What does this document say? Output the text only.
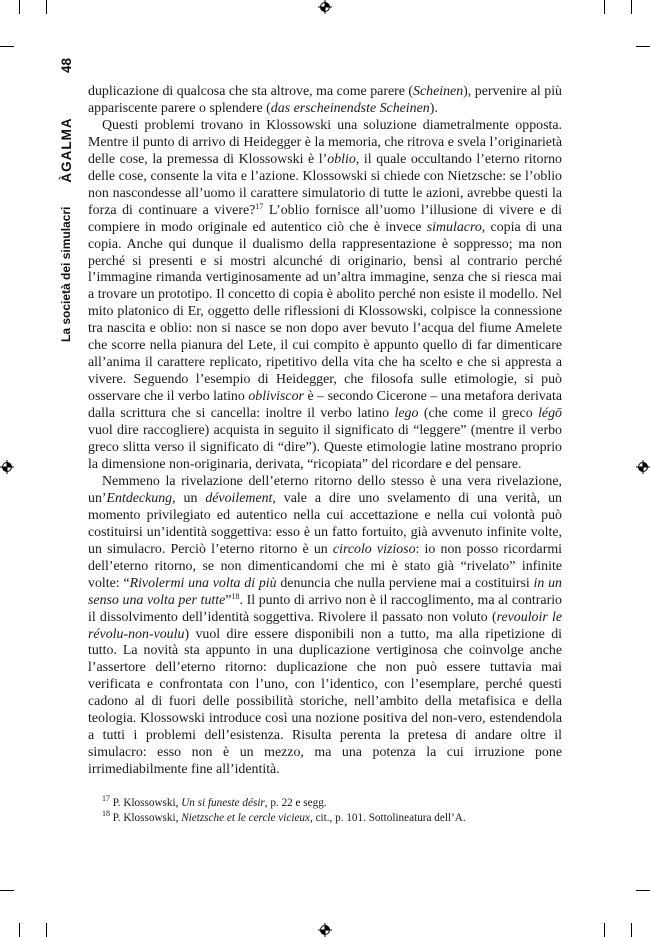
La società dei simulacri
ÀGALMA
48

duplicazione di qualcosa che sta altrove, ma come parere (Scheinen), pervenire al più appariscente parere o splendere (das erscheinendste Scheinen).

Questi problemi trovano in Klossowski una soluzione diametralmente opposta. Mentre il punto di arrivo di Heidegger è la memoria, che ritrova e svela l’originarietà delle cose, la premessa di Klossowski è l’oblio, il quale occultando l’eterno ritorno delle cose, consente la vita e l’azione. Klossowski si chiede con Nietzsche: se l’oblio non nascondesse all’uomo il carattere simulatorio di tutte le azioni, avrebbe questi la forza di continuare a vivere?$^{17}$ L’oblio fornisce all’uomo l’illusione di vivere e di compiere in modo originale ed autentico ciò che è invece simulacro, copia di una copia. Anche qui dunque il dualismo della rappresentazione è soppresso; ma non perché si presenti e si mostri alcunché di originario, bensì al contrario perché l’immagine rimanda vertiginosamente ad un’altra immagine, senza che si riesca mai a trovare un prototipo. Il concetto di copia è abolito perché non esiste il modello. Nel mito platonico di Er, oggetto delle riflessioni di Klossowski, colpisce la connessione tra nascita e oblio: non si nasce se non dopo aver bevuto l’acqua del fiume Amelete che scorre nella pianura del Lete, il cui compito è appunto quello di far dimenticare all’anima il carattere replicato, ripetitivo della vita che ha scelto e che si appresta a vivere. Seguendo l’esempio di Heidegger, che filosofa sulle etimologie, si può osservare che il verbo latino obliviscor è – secondo Cicerone – una metafora derivata dalla scrittura che si cancella: inoltre il verbo latino lego (che come il greco légō vuol dire raccogliere) acquista in seguito il significato di “leggere” (mentre il verbo greco slitta verso il significato di “dire”). Queste etimologie latine mostrano proprio la dimensione non-originaria, derivata, “ricopiata” del ricordare e del pensare.

Nemmeno la rivelazione dell’eterno ritorno dello stesso è una vera rivelazione, un’Entdeckung, un dévoilement, vale a dire uno svelamento di una verità, un momento privilegiato ed autentico nella cui accettazione e nella cui volontà può costituirsi un’identità soggettiva: esso è un fatto fortuito, già avvenuto infinite volte, un simulacro. Perciò l’eterno ritorno è un circolo vizioso: io non posso ricordarmi dell’eterno ritorno, se non dimenticandomi che mi è stato già “rivelato” infinite volte: “Rivolermi una volta di più denuncia che nulla perviene mai a costituirsi in un senso una volta per tutte”$^{18}$. Il punto di arrivo non è il raccoglimento, ma al contrario il dissolvimento dell’identità soggettiva. Rivolere il passato non voluto (revouloir le révolu-non-voulu) vuol dire essere disponibili non a tutto, ma alla ripetizione di tutto. La novità sta appunto in una duplicazione vertiginosa che coinvolge anche l’assertore dell’eterno ritorno: duplicazione che non può essere tuttavia mai verificata e confrontata con l’uno, con l’identico, con l’esemplare, perché questi cadono al di fuori delle possibilità storiche, nell’ambito della metafisica e della teologia. Klossowski introduce così una nozione positiva del non-vero, estendendola a tutti i problemi dell’esistenza. Risulta perenta la pretesa di andare oltre il simulacro: esso non è un mezzo, ma una potenza la cui irruzione pone irrimediabilmente fine all’identità.

$^{17}$ P. Klossowski, Un si funeste désir, p. 22 e segg.

$^{18}$ P. Klossowski, Nietzsche et le cercle vicieux, cit., p. 101. Sottolineatura dell’A.
